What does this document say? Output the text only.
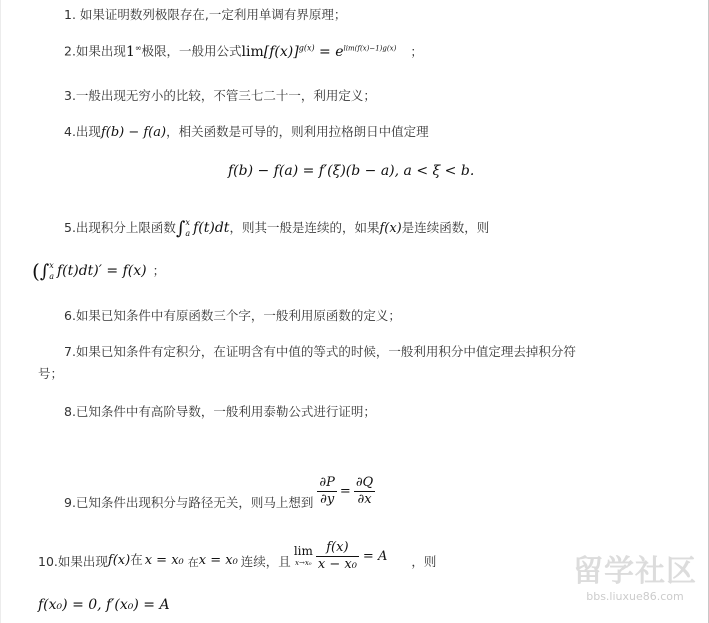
1. 如果证明数列极限存在,一定利用单调有界原理；
2.如果出现1∞极限，一般用公式$\lim[f(x)]^{g(x)} = e^{lim(f(x)-1)g(x)}$ ；
3.一般出现无穷小的比较，不管三七二十一，利用定义；
4.出现f(b) − f(a)，相关函数是可导的，则利用拉格朗日中值定理
f(b) − f(a) = f′(ξ)(b − a), a < ξ < b.
5.出现积分上限函数∫ x
a f(t)dt，则其一般是连续的，如果f(x)是连续函数，则
(∫ x
a f(t)dt)′ = f(x) ；
6.如果已知条件中有原函数三个字，一般利用原函数的定义；
7.如果已知条件有定积分，在证明含有中值的等式的时候，一般利用积分中值定理去掉积分符
号；
8.已知条件中有高阶导数，一般利用泰勒公式进行证明；
9.已知条件出现积分与路径无关，则马上想到 $\frac{\partial P}{\partial y} = \frac{\partial Q}{\partial x}$
10.如果出现f(x)在 x = x₀ 在x = x₀ 连续，且
lim
$x\to x_0 \frac{f(x)}{\text{x − x₀}} = A$ ，则
f(x₀) = 0, f′(x₀) = A
留学社区
bbs.liuxue86.com
